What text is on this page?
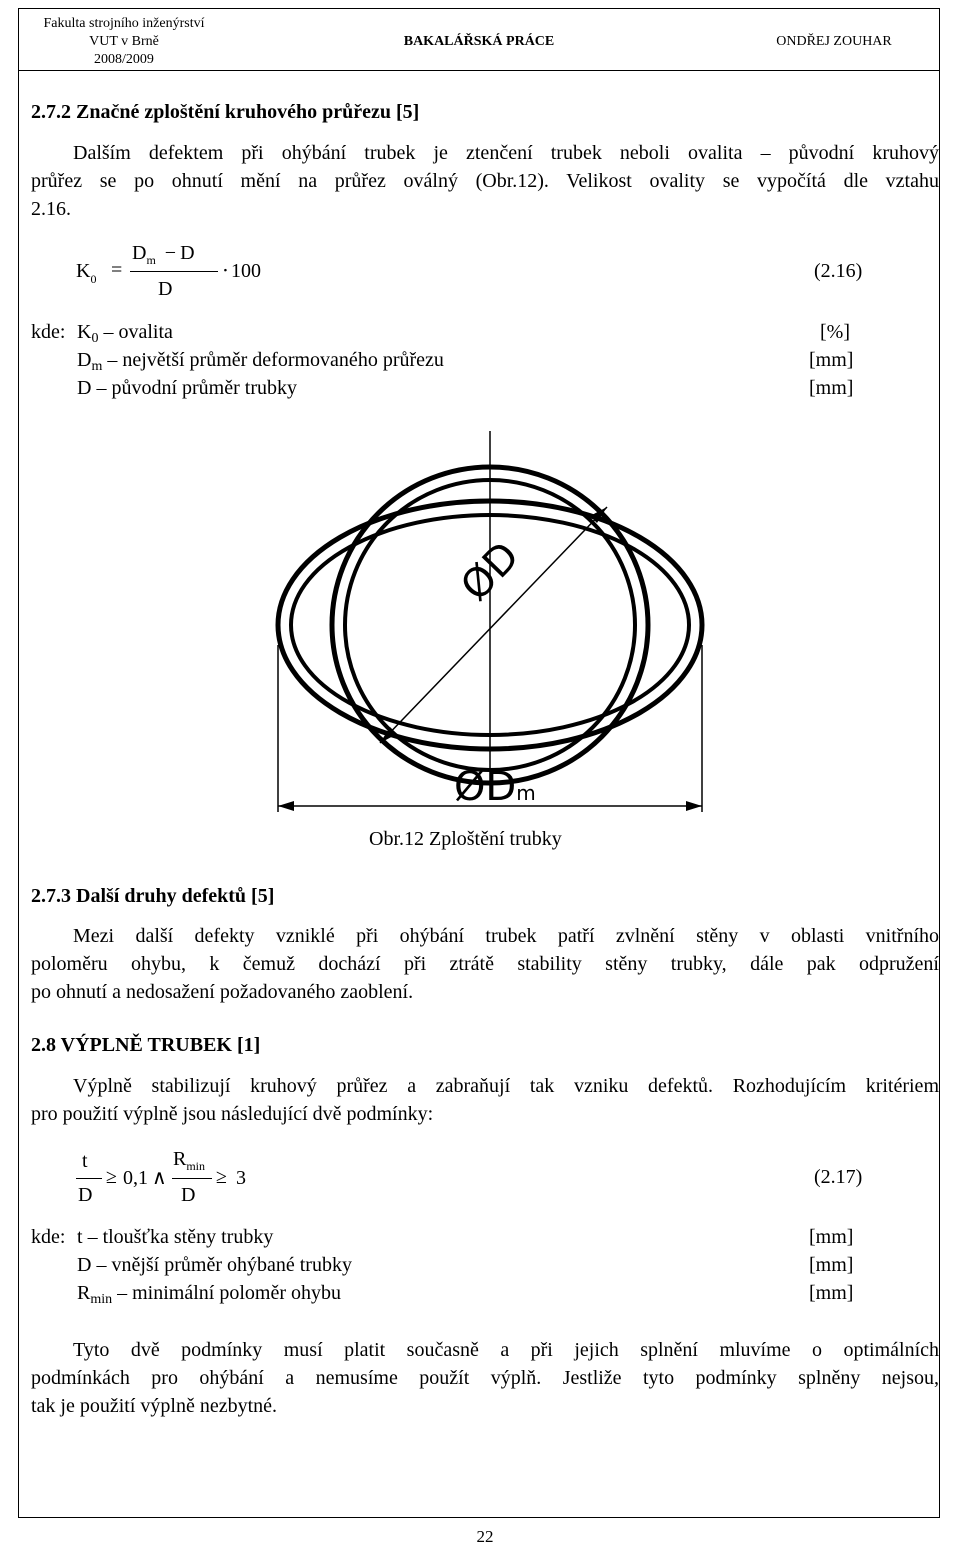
Fakulta strojního inženýrství
VUT v Brně
2008/2009
BAKALÁŘSKÁ PRÁCE	ONDŘEJ ZOUHAR
2.7.2 Značné zploštění kruhového průřezu [5]
Dalším defektem při ohýbání trubek je ztenčení trubek neboli ovalita – původní kruhový
průřez se po ohnutí mění na průřez oválný (Obr.12). Velikost ovality se vypočítá dle vztahu
2.16.
$K_0$ =
$D_m - D$
D
⋅ 100	(2.16)
kde: $K_0$ – ovalita	[%]
$D_m$ – největší průměr deformovaného průřezu	[mm]
D – původní průměr trubky	[mm]
ØD
ØDm
Obr.12 Zploštění trubky
2.7.3 Další druhy defektů [5]
Mezi další defekty vzniklé při ohýbání trubek patří zvlnění stěny v oblasti vnitřního
poloměru ohybu, k čemuž dochází při ztrátě stability stěny trubky, dále pak odpružení
po ohnutí a nedosažení požadovaného zaoblení.
2.8 VÝPLNĚ TRUBEK [1]
Výplně stabilizují kruhový průřez a zabraňují tak vzniku defektů. Rozhodujícím kritériem
pro použití výplně jsou následující dvě podmínky:
t
D
≥ 0,1 ∧
$R_{min}$
D
≥ 3	(2.17)
kde: t – tloušťka stěny trubky	[mm]
D – vnější průměr ohýbané trubky	[mm]
$R_{min}$ – minimální poloměr ohybu	[mm]
Tyto dvě podmínky musí platit současně a při jejich splnění mluvíme o optimálních
podmínkách pro ohýbání a nemusíme použít výplň. Jestliže tyto podmínky splněny nejsou,
tak je použití výplně nezbytné.
22
